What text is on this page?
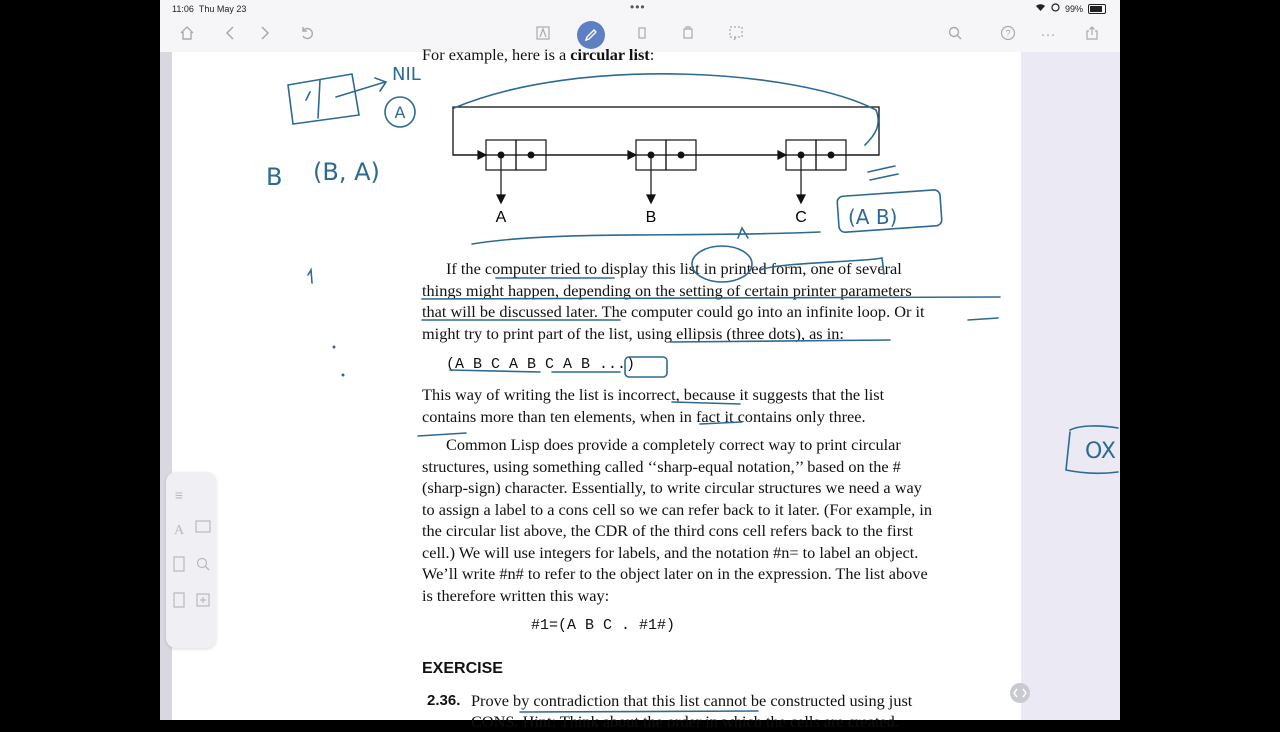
11:06 Thu May 23	•••	99%
? ···
For example, here is a circular list:
A	B	C
If the computer tried to display this list in printed form, one of several
things might happen, depending on the setting of certain printer parameters
that will be discussed later. The computer could go into an infinite loop. Or it
might try to print part of the list, using ellipsis (three dots), as in:
(A B C A B C A B ...)
This way of writing the list is incorrect, because it suggests that the list
contains more than ten elements, when in fact it contains only three.
Common Lisp does provide a completely correct way to print circular
structures, using something called ‘‘sharp-equal notation,’’ based on the #
(sharp-sign) character. Essentially, to write circular structures we need a way
to assign a label to a cons cell so we can refer back to it later. (For example, in
the circular list above, the CDR of the third cons cell refers back to the first
cell.) We will use integers for labels, and the notation #n= to label an object.
We’ll write #n# to refer to the object later on in the expression. The list above
is therefore written this way:
#1=(A B C . #1#)
EXERCISE
2.36. Prove by contradiction that this list cannot be constructed using just
CONS. Hint: Think about the order in which the cells are created.
NIL
A
B (B, A)
(A B)
OX
≡
A
